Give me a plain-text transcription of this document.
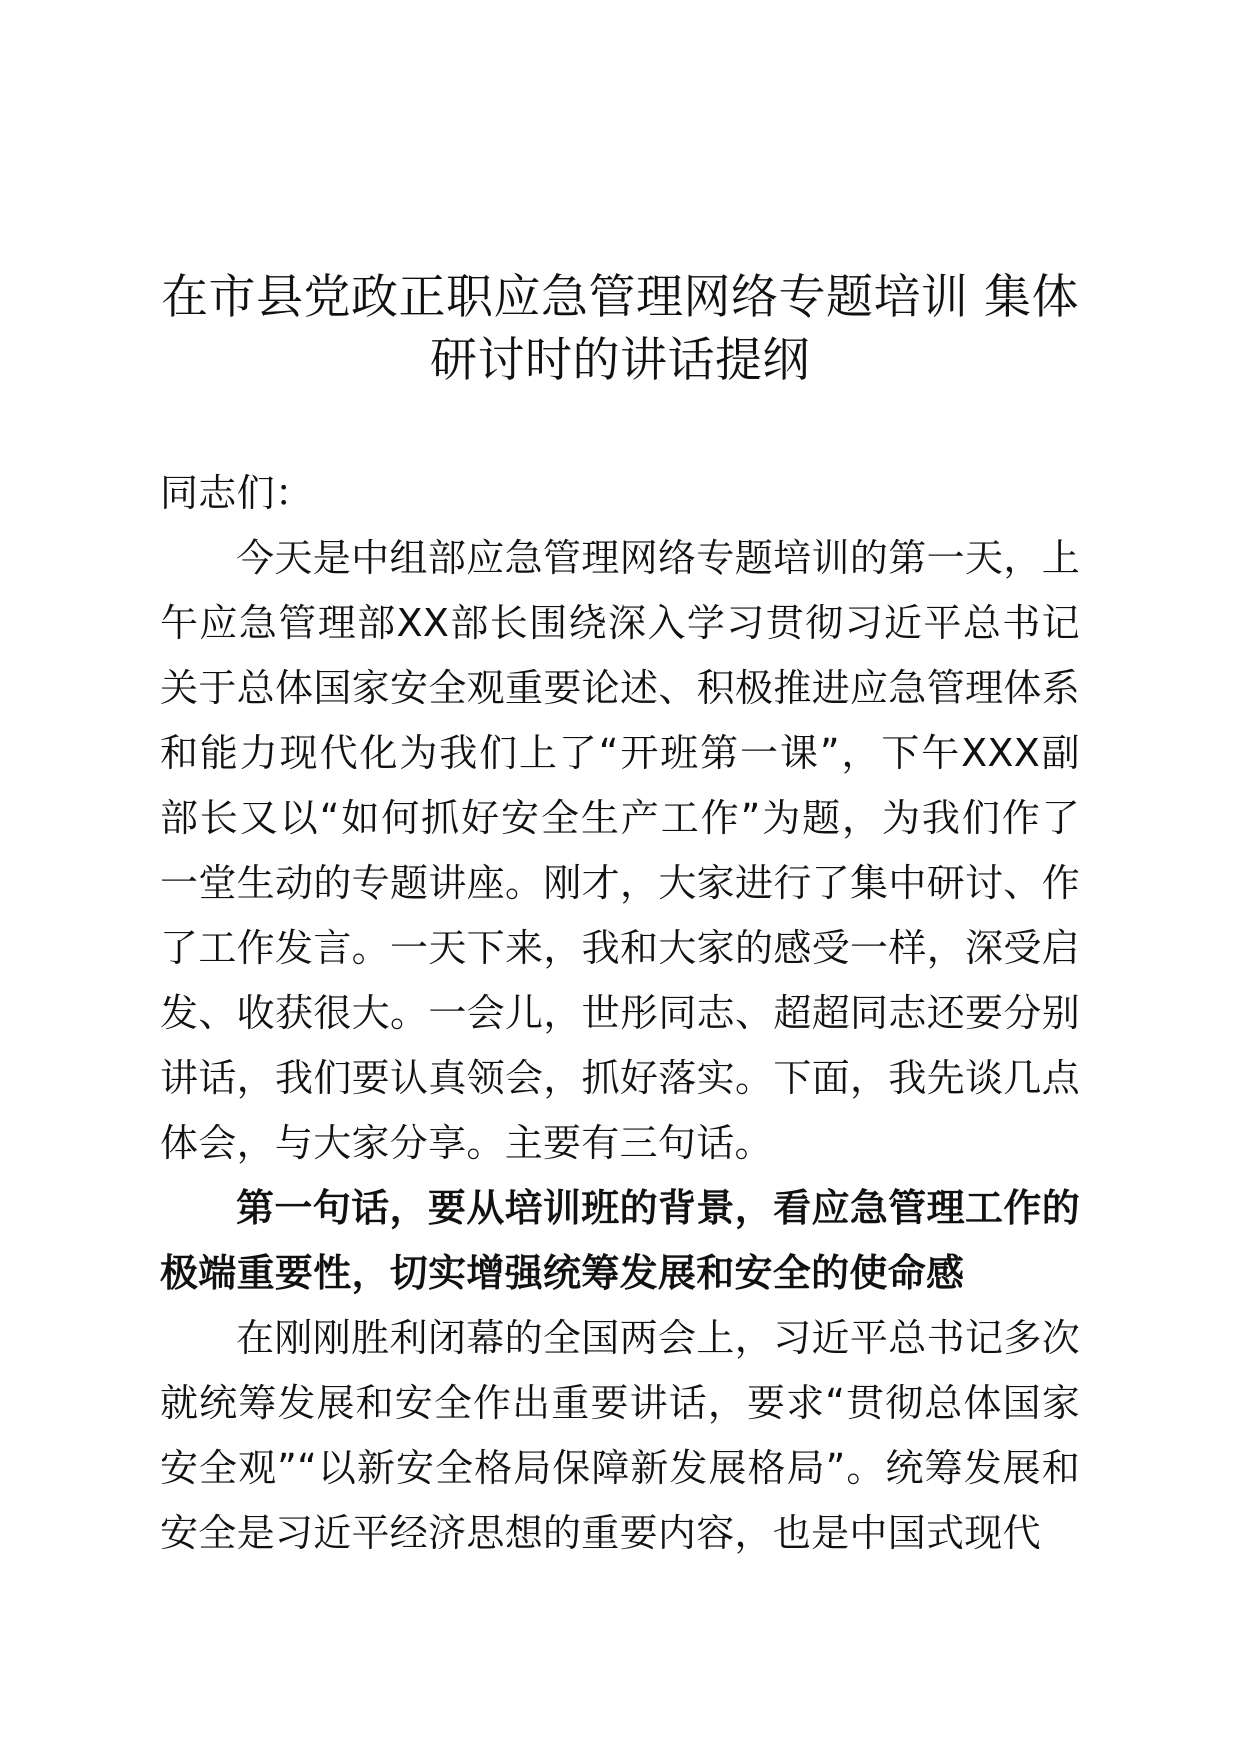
在市县党政正职应急管理网络专题培训 集体研讨时的讲话提纲

同志们：

今天是中组部应急管理网络专题培训的第一天，上午应急管理部XX部长围绕深入学习贯彻习近平总书记关于总体国家安全观重要论述、积极推进应急管理体系和能力现代化为我们上了“开班第一课”，下午XXX副部长又以“如何抓好安全生产工作”为题，为我们作了一堂生动的专题讲座。刚才，大家进行了集中研讨、作了工作发言。一天下来，我和大家的感受一样，深受启发、收获很大。一会儿，世彤同志、超超同志还要分别讲话，我们要认真领会，抓好落实。下面，我先谈几点体会，与大家分享。主要有三句话。

第一句话，要从培训班的背景，看应急管理工作的极端重要性，切实增强统筹发展和安全的使命感

在刚刚胜利闭幕的全国两会上，习近平总书记多次就统筹发展和安全作出重要讲话，要求“贯彻总体国家安全观”“以新安全格局保障新发展格局”。统筹发展和安全是习近平经济思想的重要内容，也是中国式现代
